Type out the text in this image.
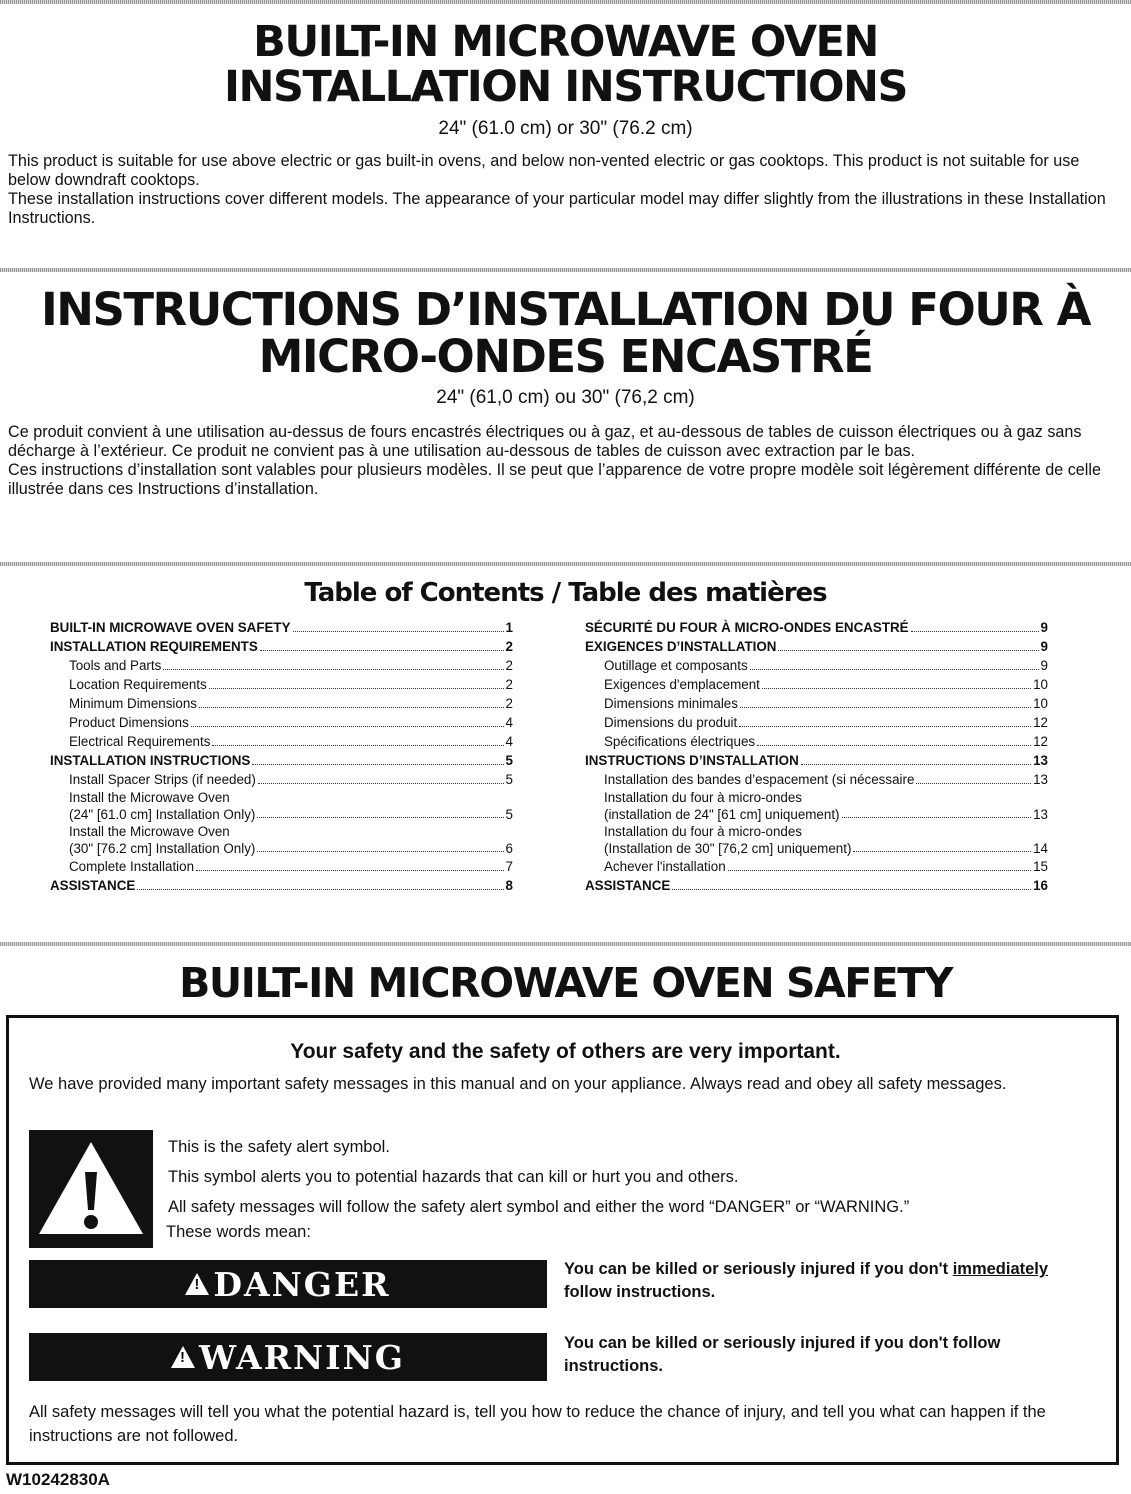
BUILT-IN MICROWAVE OVEN
INSTALLATION INSTRUCTIONS
24" (61.0 cm) or 30" (76.2 cm)

This product is suitable for use above electric or gas built-in ovens, and below non-vented electric or gas cooktops. This product is not suitable for use below downdraft cooktops.

These installation instructions cover different models. The appearance of your particular model may differ slightly from the illustrations in these Installation Instructions.

INSTRUCTIONS D’INSTALLATION DU FOUR À
MICRO-ONDES ENCASTRÉ
24" (61,0 cm) ou 30" (76,2 cm)

Ce produit convient à une utilisation au-dessus de fours encastrés électriques ou à gaz, et au-dessous de tables de cuisson électriques ou à gaz sans décharge à l’extérieur. Ce produit ne convient pas à une utilisation au-dessous de tables de cuisson avec extraction par le bas.

Ces instructions d’installation sont valables pour plusieurs modèles. Il se peut que l’apparence de votre propre modèle soit légèrement différente de celle illustrée dans ces Instructions d’installation.

Table of Contents / Table des matières
BUILT-IN MICROWAVE OVEN SAFETY	1
INSTALLATION REQUIREMENTS	2
Tools and Parts	2
Location Requirements	2
Minimum Dimensions	2
Product Dimensions	4
Electrical Requirements	4
INSTALLATION INSTRUCTIONS	5
Install Spacer Strips (if needed)	5
Install the Microwave Oven
(24" [61.0 cm] Installation Only)	5
Install the Microwave Oven
(30" [76.2 cm] Installation Only)	6
Complete Installation	7
ASSISTANCE	8
SÉCURITÉ DU FOUR À MICRO-ONDES ENCASTRÉ	9
EXIGENCES D’INSTALLATION	9
Outillage et composants	9
Exigences d'emplacement	10
Dimensions minimales	10
Dimensions du produit	12
Spécifications électriques	12
INSTRUCTIONS D’INSTALLATION	13
Installation des bandes d’espacement (si nécessaire	13
Installation du four à micro-ondes
(installation de 24" [61 cm] uniquement)	13
Installation du four à micro-ondes
(Installation de 30" [76,2 cm] uniquement)	14
Achever l'installation	15
ASSISTANCE	16
BUILT-IN MICROWAVE OVEN SAFETY
Your safety and the safety of others are very important.
We have provided many important safety messages in this manual and on your appliance. Always read and obey all safety messages.
This is the safety alert symbol.
This symbol alerts you to potential hazards that can kill or hurt you and others.
All safety messages will follow the safety alert symbol and either the word “DANGER” or “WARNING.”
These words mean:
!
DANGER	You can be killed or seriously injured if you don't immediately
follow instructions.
!
WARNING	You can be killed or seriously injured if you don't follow instructions.
All safety messages will tell you what the potential hazard is, tell you how to reduce the chance of injury, and tell you what can happen if the instructions are not followed.
W10242830A
